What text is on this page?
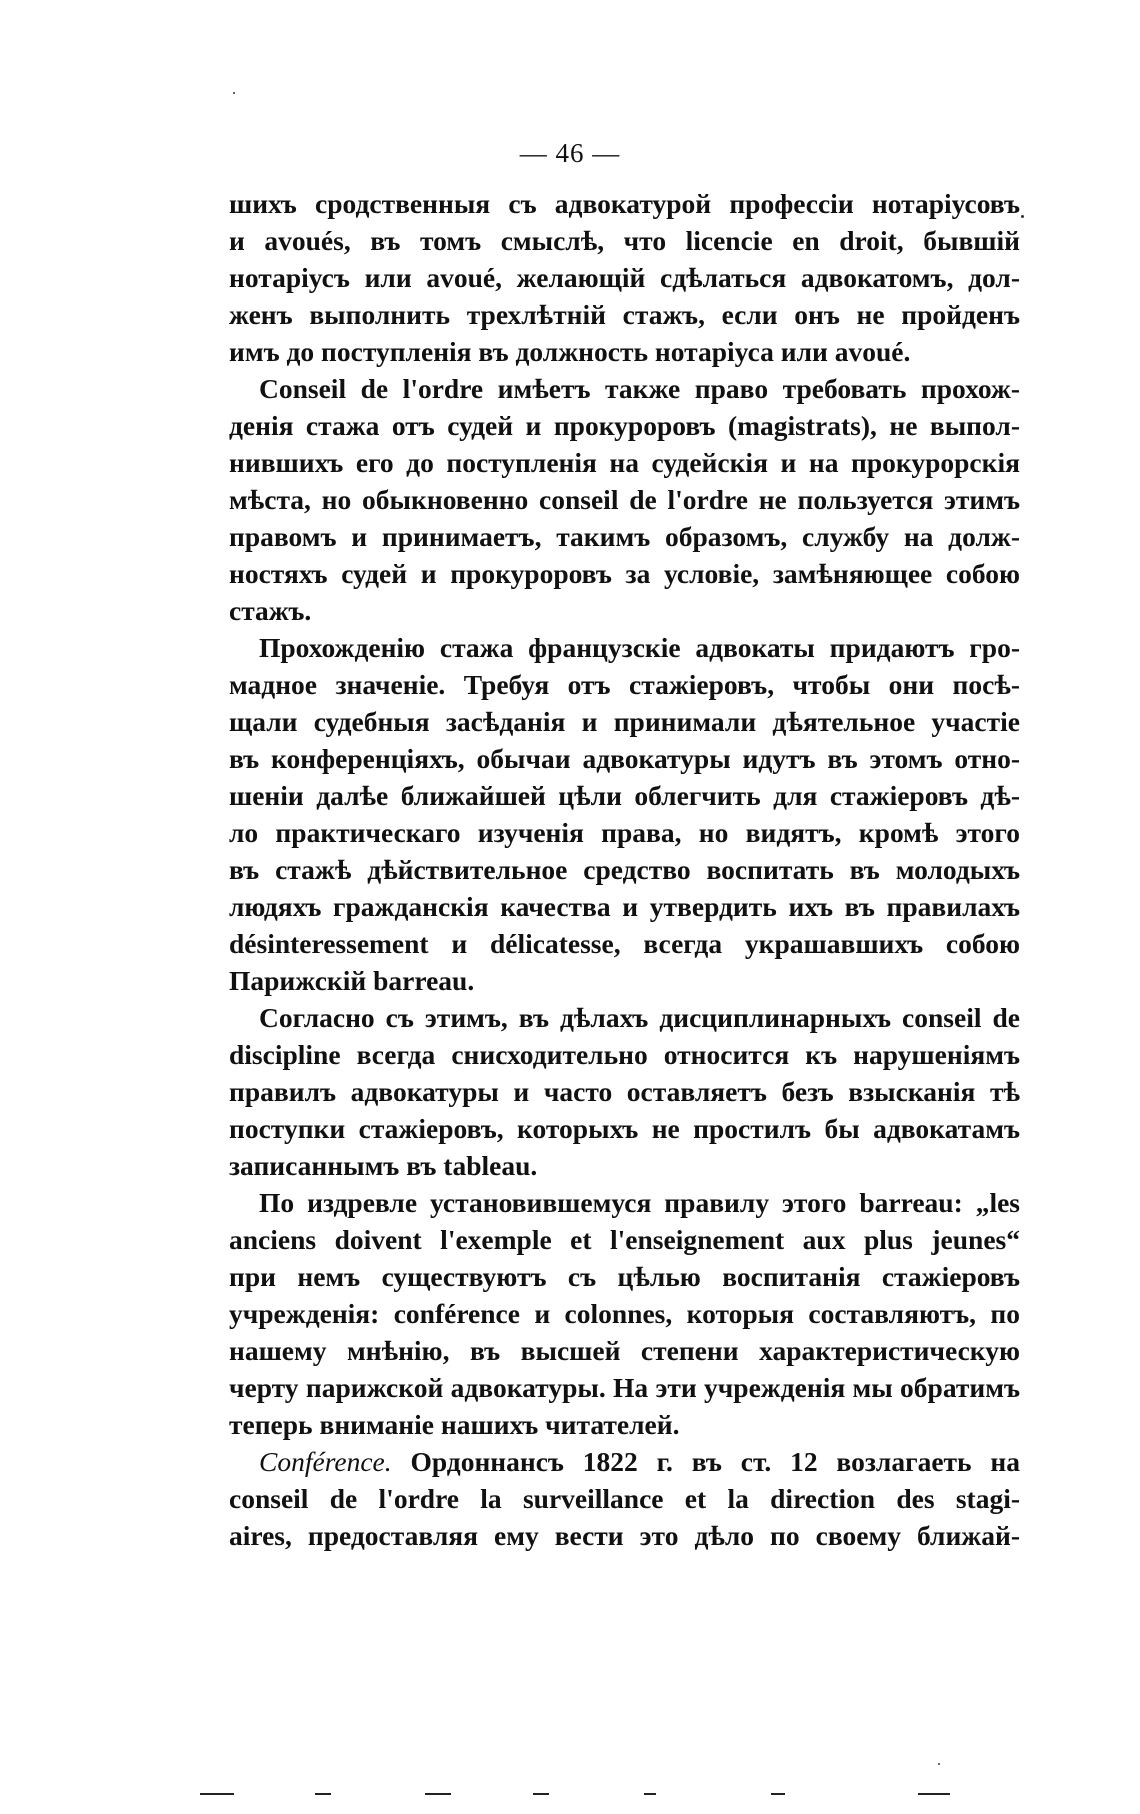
— 46 —
шихъ сродственныя съ адвокатурой профессіи нотаріусовъ
и avoués, въ томъ смыслѣ, что licencie en droit, бывшій
нотаріусъ или avoué, желающій сдѣлаться адвокатомъ, дол-
женъ выполнить трехлѣтній стажъ, если онъ не пройденъ
имъ до поступленія въ должность нотаріуса или avoué.
Conseil de l'ordre имѣетъ также право требовать прохож-
денія стажа отъ судей и прокуроровъ (magistrats), не выпол-
нившихъ его до поступленія на судейскія и на прокурорскія
мѣста, но обыкновенно conseil de l'ordre не пользуется этимъ
правомъ и принимаетъ, такимъ образомъ, службу на долж-
ностяхъ судей и прокуроровъ за условіе, замѣняющее собою
стажъ.
Прохожденію стажа французскіе адвокаты придаютъ гро-
мадное значеніе. Требуя отъ стажіеровъ, чтобы они посѣ-
щали судебныя засѣданія и принимали дѣятельное участіе
въ конференціяхъ, обычаи адвокатуры идутъ въ этомъ отно-
шеніи далѣе ближайшей цѣли облегчить для стажіеровъ дѣ-
ло практическаго изученія права, но видятъ, кромѣ этого
въ стажѣ дѣйствительное средство воспитать въ молодыхъ
людяхъ гражданскія качества и утвердить ихъ въ правилахъ
désinteressement и délicatesse, всегда украшавшихъ собою
Парижскій barreau.
Согласно съ этимъ, въ дѣлахъ дисциплинарныхъ conseil de
discipline всегда снисходительно относится къ нарушеніямъ
правилъ адвокатуры и часто оставляетъ безъ взысканія тѣ
поступки стажіеровъ, которыхъ не простилъ бы адвокатамъ
записаннымъ въ tableau.
По издревле установившемуся правилу этого barreau: „les
anciens doivent l'exemple et l'enseignement aux plus jeunes“
при немъ существуютъ съ цѣлью воспитанія стажіеровъ
учрежденія: conférence и colonnes, которыя составляютъ, по
нашему мнѣнію, въ высшей степени характеристическую
черту парижской адвокатуры. На эти учрежденія мы обратимъ
теперь вниманіе нашихъ читателей.
Conférence. Ордоннансъ 1822 г. въ ст. 12 возлагаеть на
conseil de l'ordre la surveillance et la direction des stagi-
aires, предоставляя ему вести это дѣло по своему ближай-
